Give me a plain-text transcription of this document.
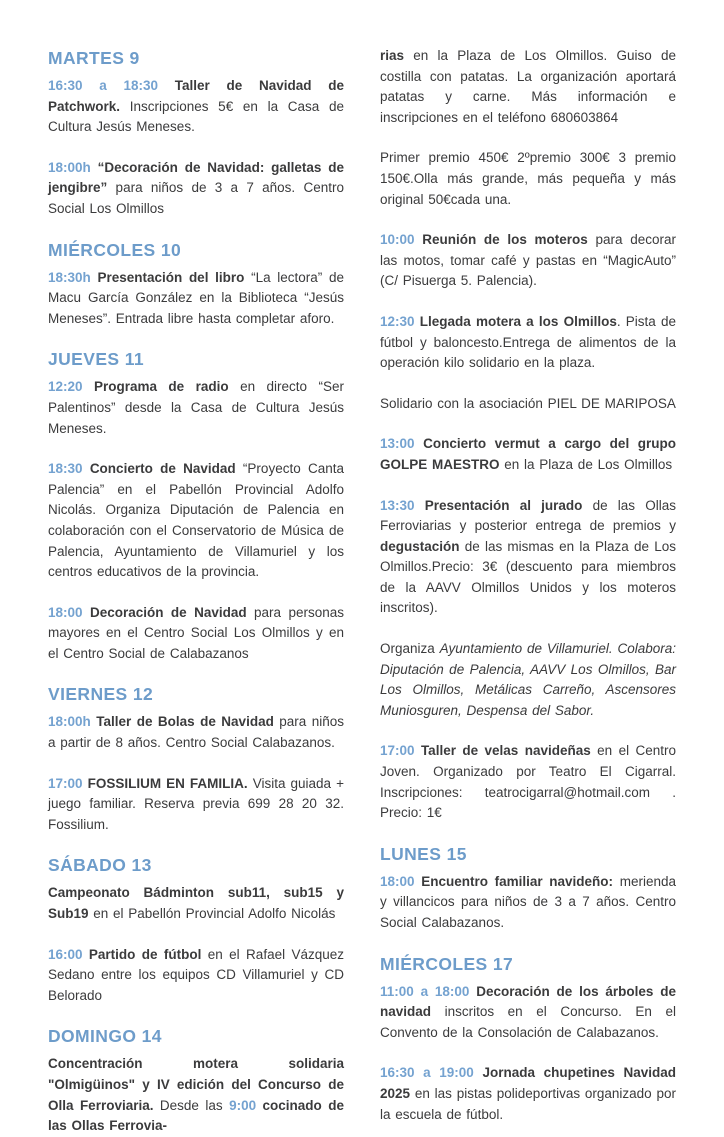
MARTES 9

16:30 a 18:30 Taller de Navidad de Patchwork. Inscripciones 5€ en la Casa de Cultura Jesús Meneses.

18:00h “Decoración de Navidad: galletas de jengibre” para niños de 3 a 7 años. Centro Social Los Olmillos

MIÉRCOLES 10

18:30h Presentación del libro “La lectora” de Macu García González en la Biblioteca “Jesús Meneses”. Entrada libre hasta completar aforo.

JUEVES 11

12:20 Programa de radio en directo “Ser Palentinos” desde la Casa de Cultura Jesús Meneses.

18:30 Concierto de Navidad “Proyecto Canta Palencia” en el Pabellón Provincial Adolfo Nicolás. Organiza Diputación de Palencia en colaboración con el Conservatorio de Música de Palencia, Ayuntamiento de Villamuriel y los centros educativos de la provincia.

18:00 Decoración de Navidad para personas mayores en el Centro Social Los Olmillos y en el Centro Social de Calabazanos

VIERNES 12

18:00h Taller de Bolas de Navidad para niños a partir de 8 años. Centro Social Calabazanos.

17:00 FOSSILIUM EN FAMILIA. Visita guiada + juego familiar. Reserva previa 699 28 20 32. Fossilium.

SÁBADO 13

Campeonato Bádminton sub11, sub15 y Sub19 en el Pabellón Provincial Adolfo Nicolás

16:00 Partido de fútbol en el Rafael Vázquez Sedano entre los equipos CD Villamuriel y CD Belorado

DOMINGO 14

Concentración motera solidaria "Olmigüinos" y IV edición del Concurso de Olla Ferroviaria. Desde las 9:00 cocinado de las Ollas Ferrovia-

rias en la Plaza de Los Olmillos. Guiso de costilla con patatas. La organización aportará patatas y carne. Más información e inscripciones en el teléfono 680603864

Primer premio 450€ 2ºpremio 300€ 3 premio 150€.Olla más grande, más pequeña y más original 50€cada una.

10:00 Reunión de los moteros para decorar las motos, tomar café y pastas en “MagicAuto” (C/ Pisuerga 5. Palencia).

12:30 Llegada motera a los Olmillos. Pista de fútbol y baloncesto.Entrega de alimentos de la operación kilo solidario en la plaza.

Solidario con la asociación PIEL DE MARIPOSA

13:00 Concierto vermut a cargo del grupo GOLPE MAESTRO en la Plaza de Los Olmillos

13:30 Presentación al jurado de las Ollas Ferroviarias y posterior entrega de premios y degustación de las mismas en la Plaza de Los Olmillos.Precio: 3€ (descuento para miembros de la AAVV Olmillos Unidos y los moteros inscritos).

Organiza Ayuntamiento de Villamuriel. Colabora: Diputación de Palencia, AAVV Los Olmillos, Bar Los Olmillos, Metálicas Carreño, Ascensores Muniosguren, Despensa del Sabor.

17:00 Taller de velas navideñas en el Centro Joven. Organizado por Teatro El Cigarral. Inscripciones: teatrocigarral@hotmail.com . Precio: 1€

LUNES 15

18:00 Encuentro familiar navideño: merienda y villancicos para niños de 3 a 7 años. Centro Social Calabazanos.

MIÉRCOLES 17

11:00 a 18:00 Decoración de los árboles de navidad inscritos en el Concurso. En el Convento de la Consolación de Calabazanos.

16:30 a 19:00 Jornada chupetines Navidad 2025 en las pistas polideportivas organizado por la escuela de fútbol.
